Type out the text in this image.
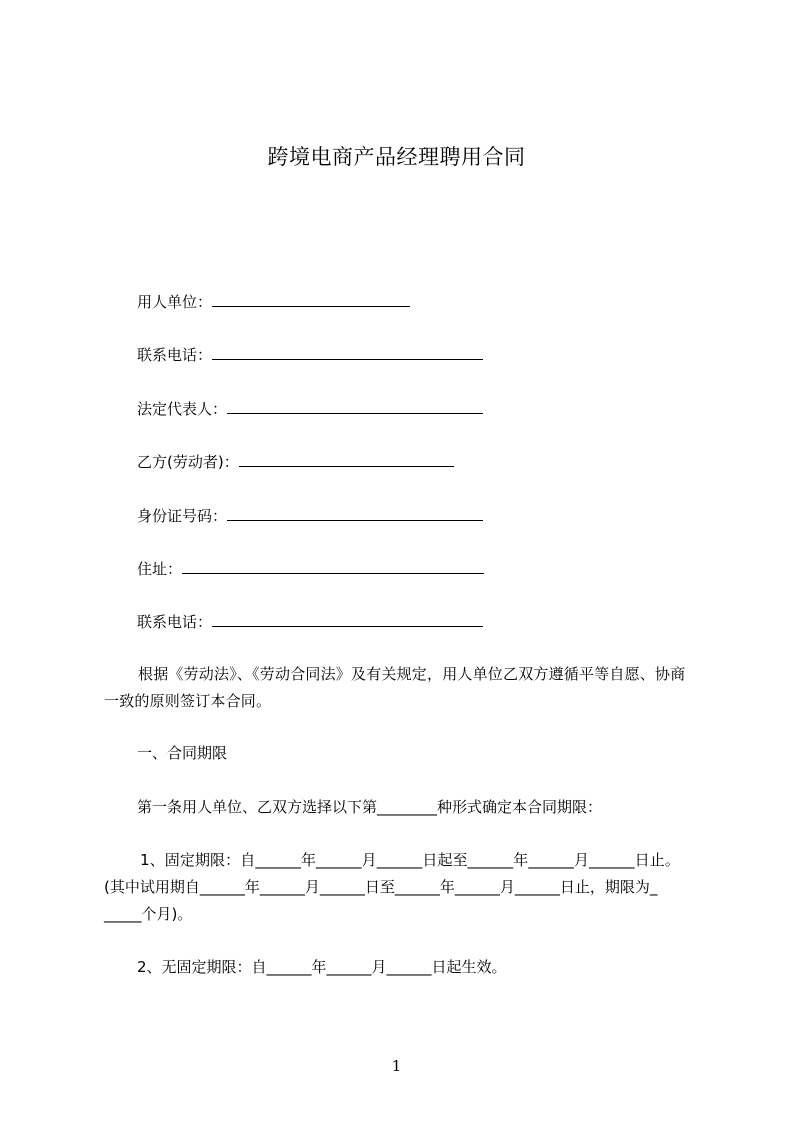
跨境电商产品经理聘用合同
用人单位：
联系电话：
法定代表人：
乙方(劳动者)：
身份证号码：
住址：
联系电话：
根据《劳动法》、《劳动合同法》及有关规定，用人单位乙双方遵循平等自愿、协商一致的原则签订本合同。
一、合同期限
第一条用人单位、乙双方选择以下第________种形式确定本合同期限：
1、固定期限：自______年______月______日起至______年______月______日止。
(其中试用期自______年______月______日至______年______月______日止，期限为_
_____个月)。
2、无固定期限：自______年______月______日起生效。
1
